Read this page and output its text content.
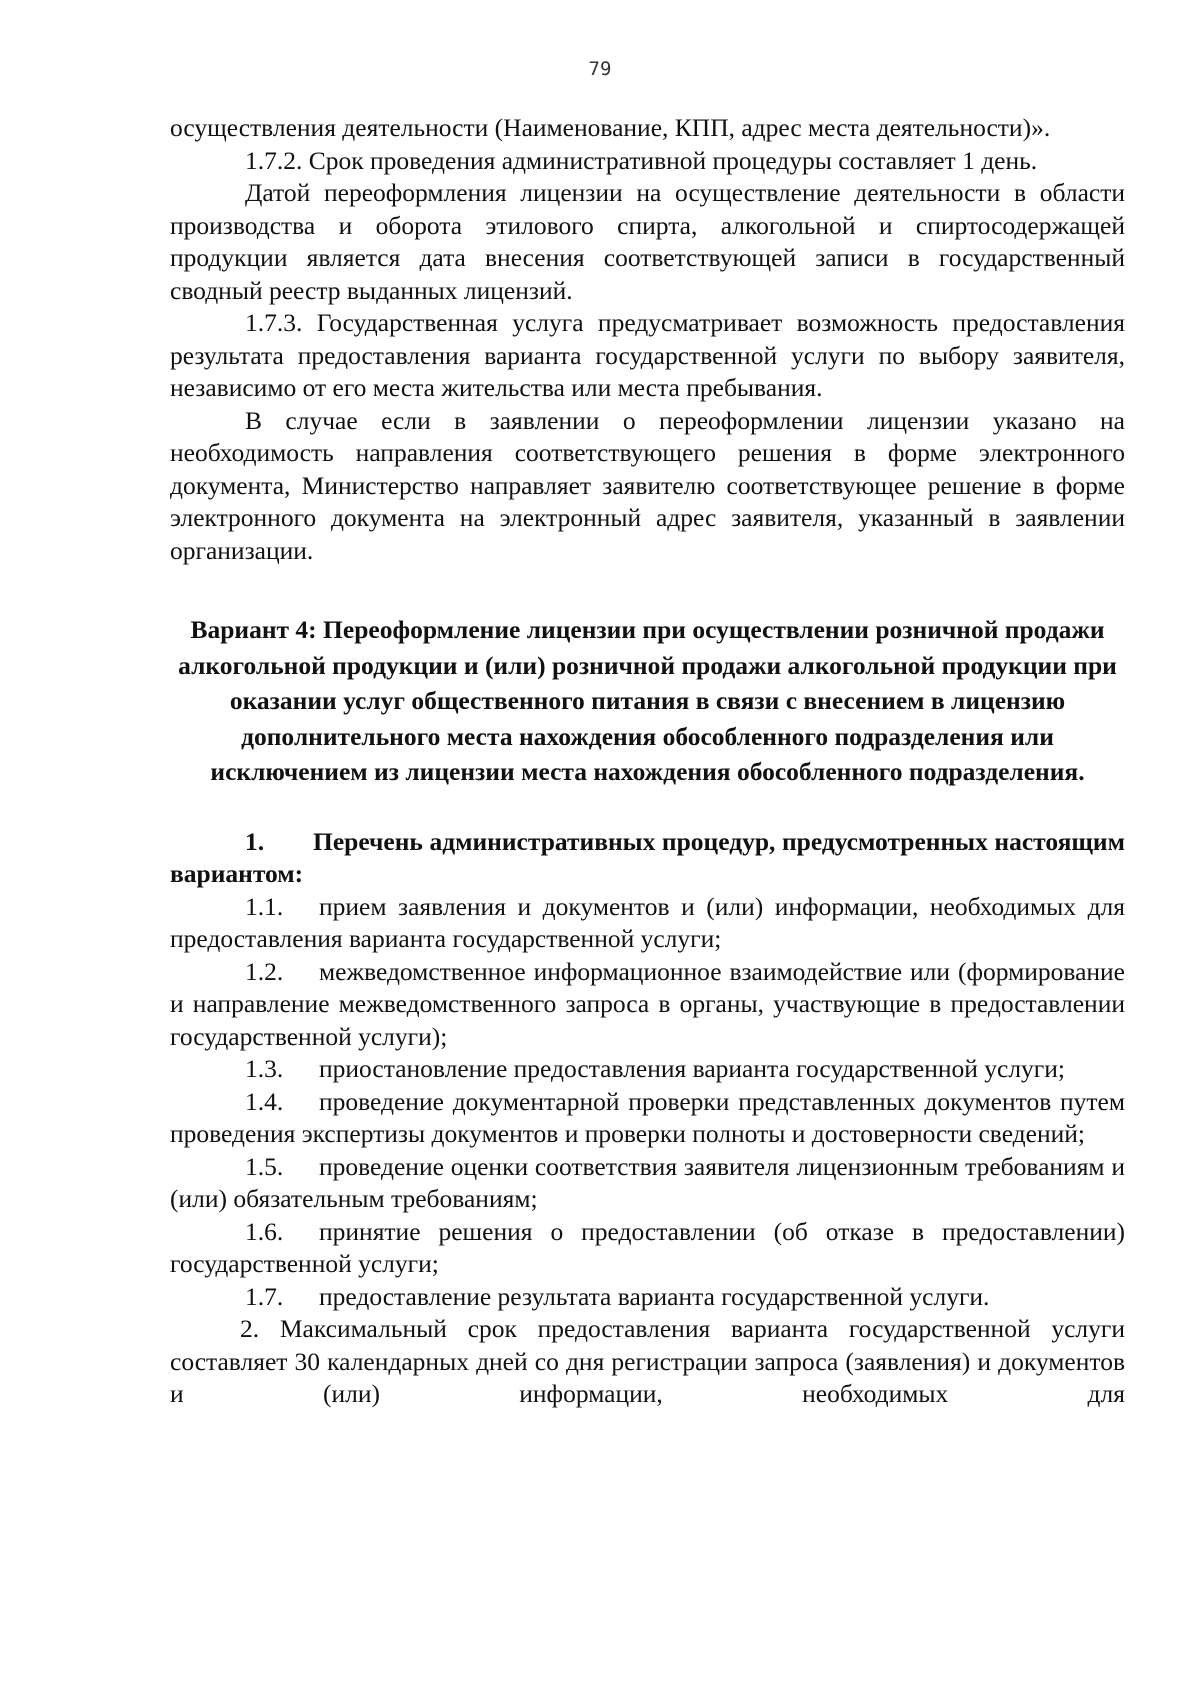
79

осуществления деятельности (Наименование, КПП, адрес места деятельности)».

1.7.2. Срок проведения административной процедуры составляет 1 день.

Датой переоформления лицензии на осуществление деятельности в области производства и оборота этилового спирта, алкогольной и спиртосодержащей продукции является дата внесения соответствующей записи в государственный сводный реестр выданных лицензий.

1.7.3. Государственная услуга предусматривает возможность предоставления результата предоставления варианта государственной услуги по выбору заявителя, независимо от его места жительства или места пребывания.

В случае если в заявлении о переоформлении лицензии указано на необходимость направления соответствующего решения в форме электронного документа, Министерство направляет заявителю соответствующее решение в форме электронного документа на электронный адрес заявителя, указанный в заявлении организации.

Вариант 4: Переоформление лицензии при осуществлении розничной продажи алкогольной продукции и (или) розничной продажи алкогольной продукции при оказании услуг общественного питания в связи с внесением в лицензию дополнительного места нахождения обособленного подразделения или исключением из лицензии места нахождения обособленного подразделения.

1. Перечень административных процедур, предусмотренных настоящим вариантом:

1.1. прием заявления и документов и (или) информации, необходимых для предоставления варианта государственной услуги;

1.2. межведомственное информационное взаимодействие или (формирование и направление межведомственного запроса в органы, участвующие в предоставлении государственной услуги);

1.3. приостановление предоставления варианта государственной услуги;

1.4. проведение документарной проверки представленных документов путем проведения экспертизы документов и проверки полноты и достоверности сведений;

1.5. проведение оценки соответствия заявителя лицензионным требованиям и (или) обязательным требованиям;

1.6. принятие решения о предоставлении (об отказе в предоставлении) государственной услуги;

1.7. предоставление результата варианта государственной услуги.

2. Максимальный срок предоставления варианта государственной услуги составляет 30 календарных дней со дня регистрации запроса (заявления) и документов и (или) информации, необходимых для
